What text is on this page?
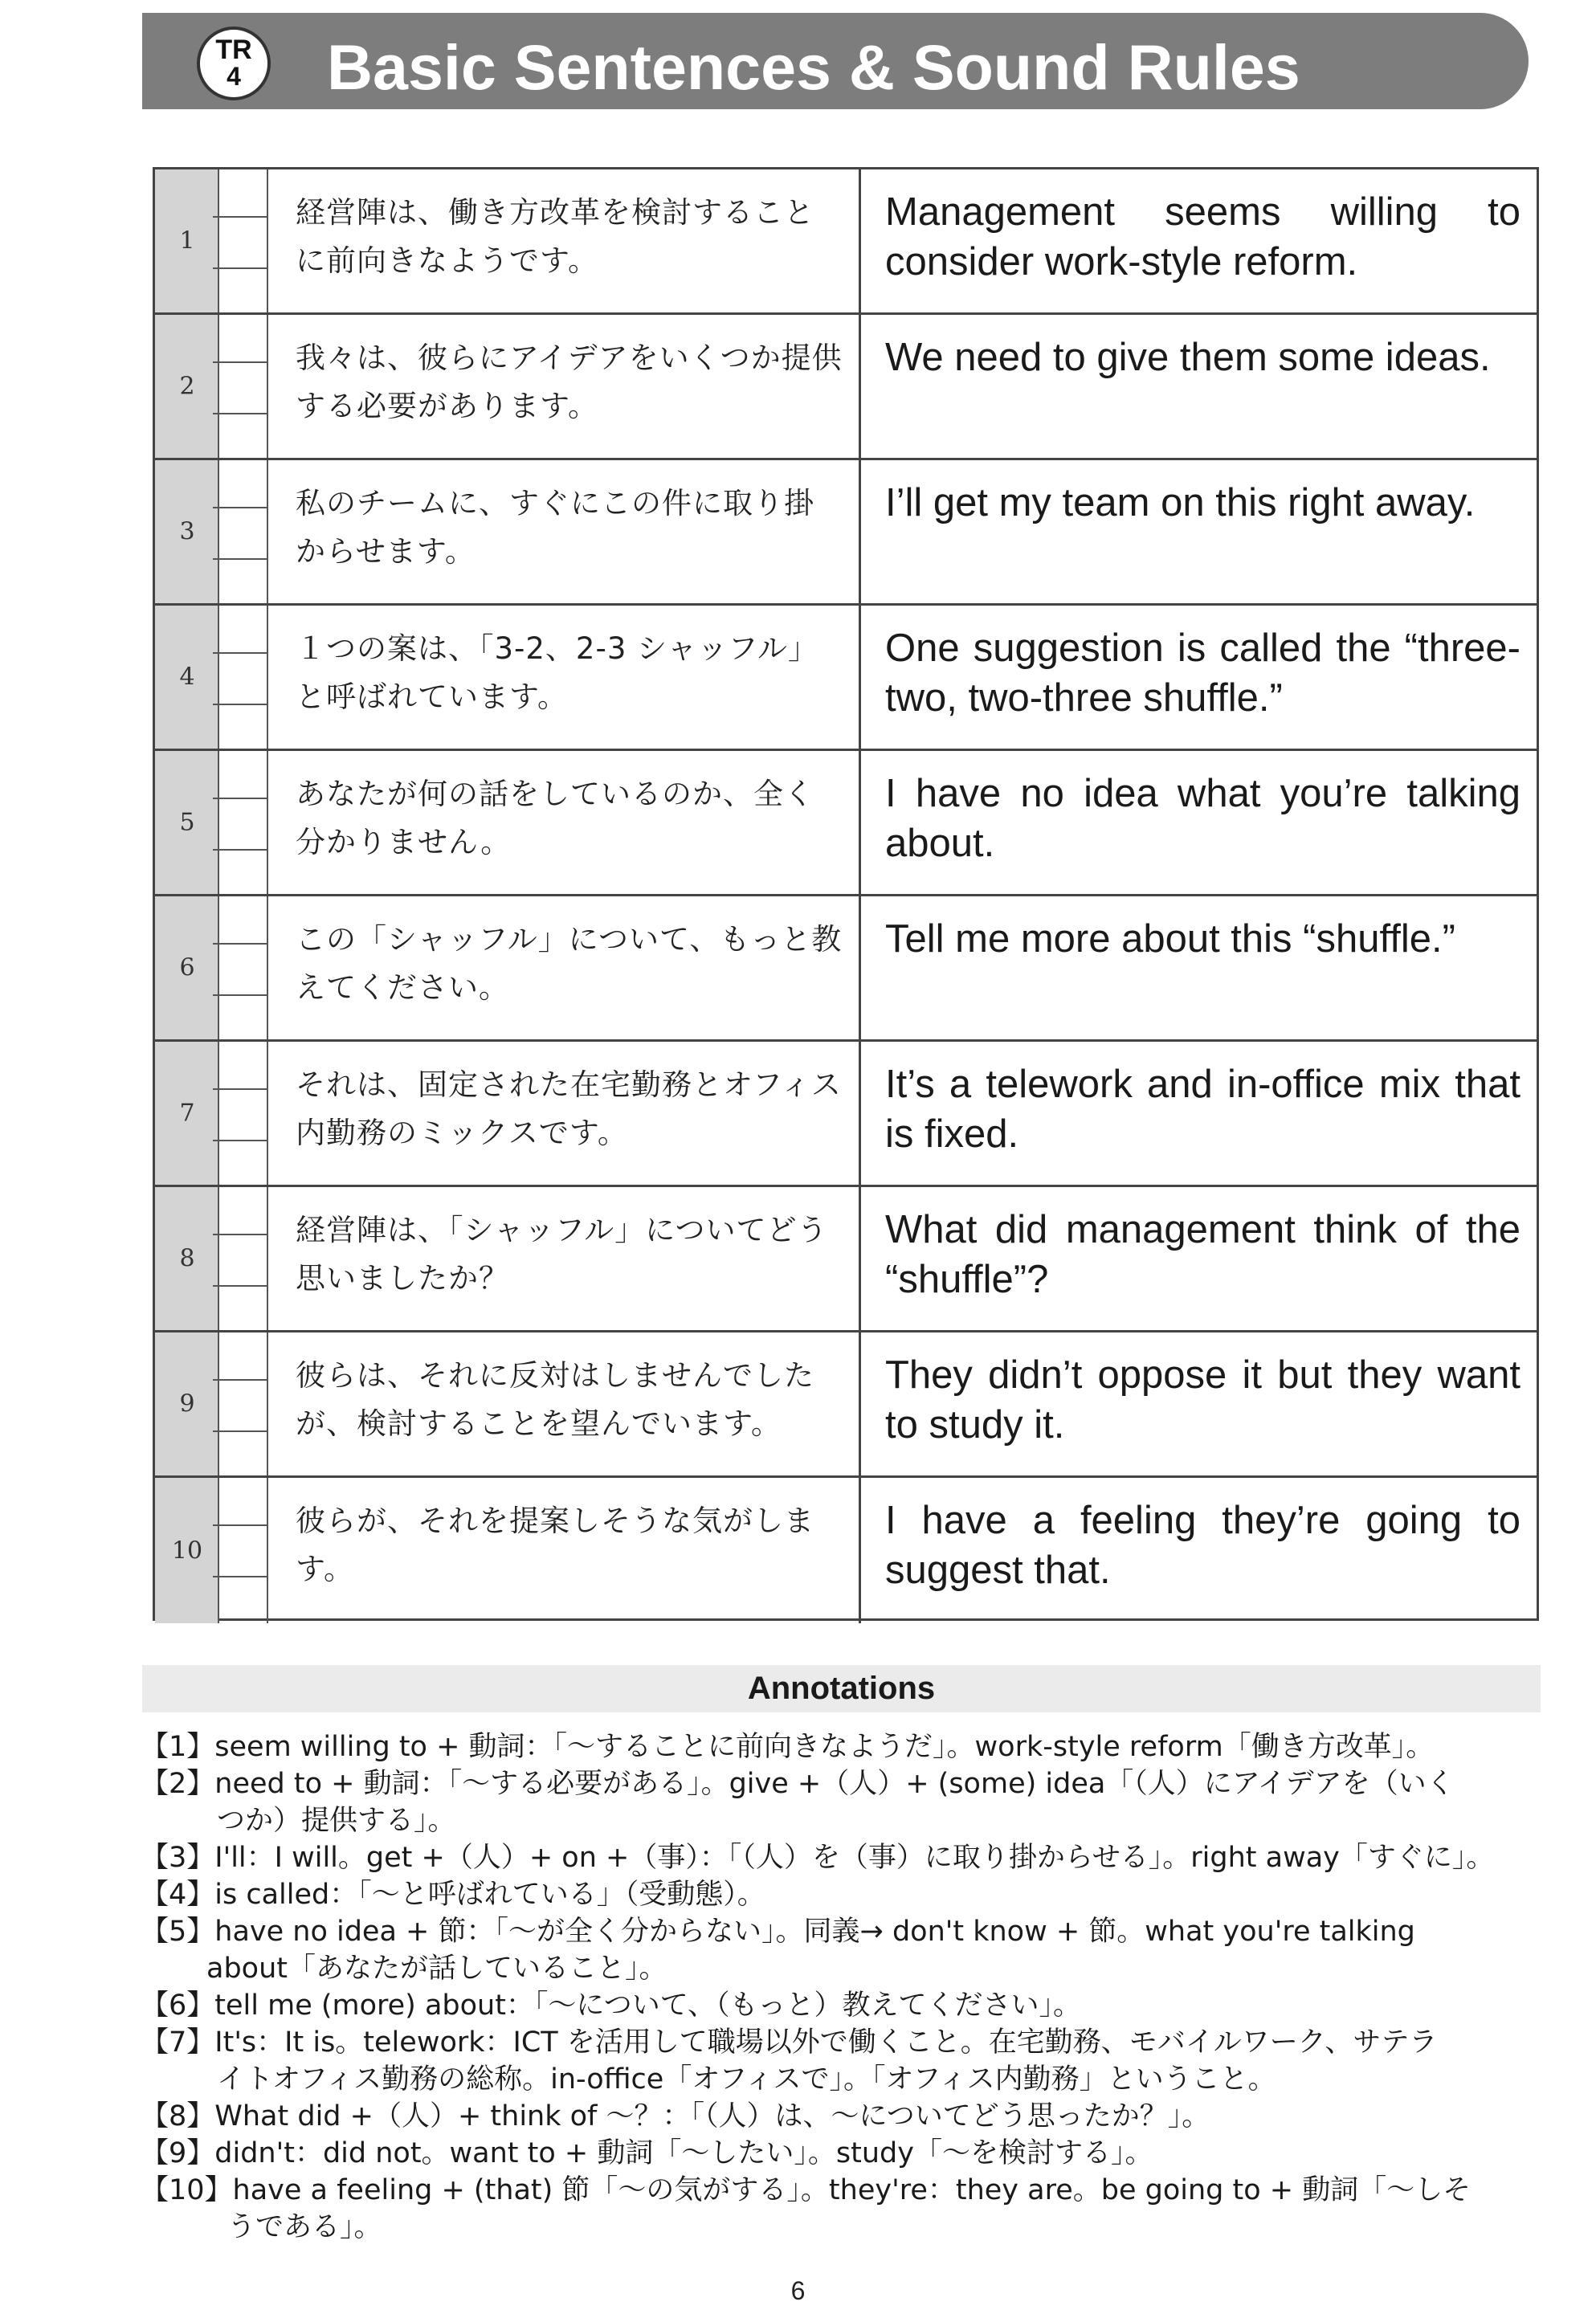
TR
4	Basic Sentences & Sound Rules
1
経営陣は、働き方改革を検討することに前向きなようです。
Management seems willing to consider work-style reform.
2
我々は、彼らにアイデアをいくつか提供する必要があります。
We need to give them some ideas.
3
私のチームに、すぐにこの件に取り掛からせます。
I’ll get my team on this right away.
4
１つの案は、「3-2、2-3 シャッフル」と呼ばれています。
One suggestion is called the “three-two, two-three shuffle.”
5
あなたが何の話をしているのか、全く分かりません。
I have no idea what you’re talking about.
6
この「シャッフル」について、もっと教えてください。
Tell me more about this “shuffle.”
7
それは、固定された在宅勤務とオフィス内勤務のミックスです。
It’s a telework and in-office mix that is fixed.
8
経営陣は、「シャッフル」についてどう思いましたか？
What did management think of the “shuffle”?
9
彼らは、それに反対はしませんでしたが、検討することを望んでいます。
They didn’t oppose it but they want to study it.
10
彼らが、それを提案しそうな気がします。
I have a feeling they’re going to suggest that.
Annotations
【1】seem willing to + 動詞：「〜することに前向きなようだ」。work-style reform「働き方改革」。
【2】need to + 動詞：「〜する必要がある」。give +（人）+ (some) idea「（人）にアイデアを（いく
つか）提供する」。
【3】I'll：I will。get +（人）+ on +（事）：「（人）を（事）に取り掛からせる」。right away「すぐに」。
【4】is called：「〜と呼ばれている」（受動態）。
【5】have no idea + 節：「〜が全く分からない」。同義→ don't know + 節。what you're talking
about「あなたが話していること」。
【6】tell me (more) about：「〜について、（もっと）教えてください」。
【7】It's：It is。telework：ICT を活用して職場以外で働くこと。在宅勤務、モバイルワーク、サテラ
イトオフィス勤務の総称。in-office「オフィスで」。「オフィス内勤務」ということ。
【8】What did +（人）+ think of 〜？：「（人）は、〜についてどう思ったか？」。
【9】didn't：did not。want to + 動詞「〜したい」。study「〜を検討する」。
【10】have a feeling + (that) 節「〜の気がする」。they're：they are。be going to + 動詞「〜しそ
うである」。
6
